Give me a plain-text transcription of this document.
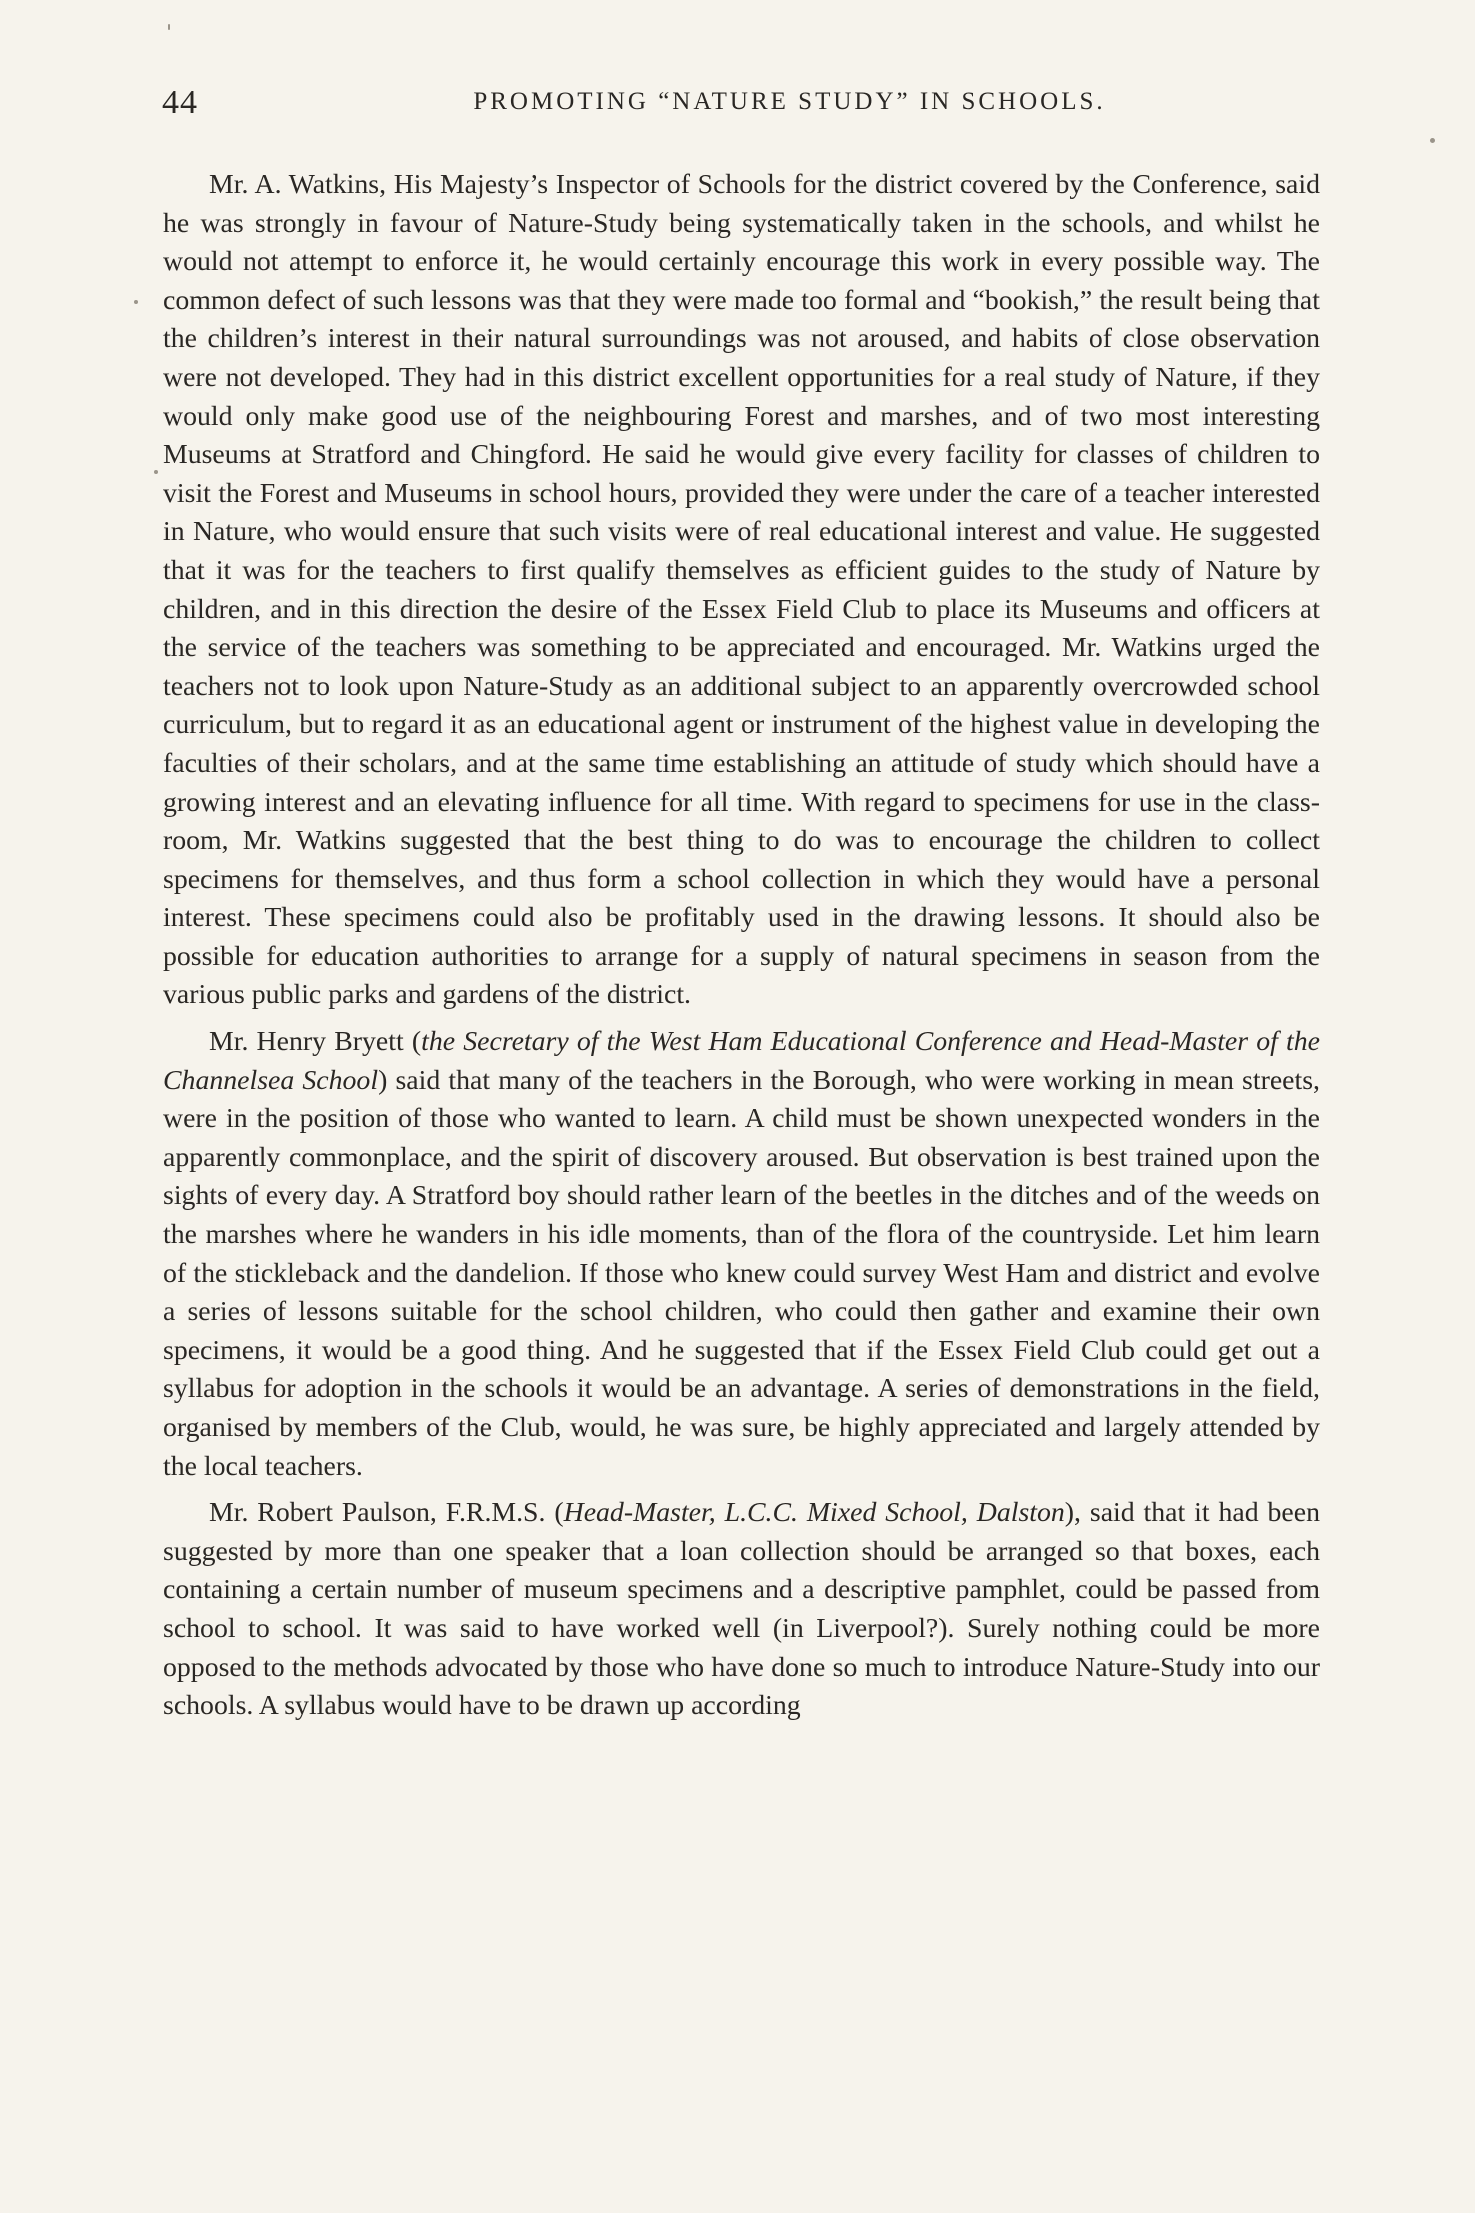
44	PROMOTING “NATURE STUDY” IN SCHOOLS.

Mr. A. Watkins, His Majesty’s Inspector of Schools for the district covered by the Conference, said he was strongly in favour of Nature-Study being systematically taken in the schools, and whilst he would not attempt to enforce it, he would certainly encourage this work in every possible way. The common defect of such lessons was that they were made too formal and “bookish,” the result being that the children’s interest in their natural surroundings was not aroused, and habits of close observation were not developed. They had in this district excellent opportunities for a real study of Nature, if they would only make good use of the neighbouring Forest and marshes, and of two most interesting Museums at Stratford and Chingford. He said he would give every facility for classes of children to visit the Forest and Museums in school hours, provided they were under the care of a teacher interested in Nature, who would ensure that such visits were of real educational interest and value. He suggested that it was for the teachers to first qualify themselves as efficient guides to the study of Nature by children, and in this direction the desire of the Essex Field Club to place its Museums and officers at the service of the teachers was something to be appreciated and encouraged. Mr. Watkins urged the teachers not to look upon Nature-Study as an additional subject to an apparently overcrowded school curriculum, but to regard it as an educational agent or instrument of the highest value in developing the faculties of their scholars, and at the same time establishing an attitude of study which should have a growing interest and an elevating influence for all time. With regard to specimens for use in the class-room, Mr. Watkins suggested that the best thing to do was to encourage the children to collect specimens for themselves, and thus form a school collection in which they would have a personal interest. These specimens could also be profitably used in the drawing lessons. It should also be possible for education authorities to arrange for a supply of natural specimens in season from the various public parks and gardens of the district.

Mr. Henry Bryett (the Secretary of the West Ham Educational Conference and Head-Master of the Channelsea School) said that many of the teachers in the Borough, who were working in mean streets, were in the position of those who wanted to learn. A child must be shown unexpected wonders in the apparently commonplace, and the spirit of discovery aroused. But observation is best trained upon the sights of every day. A Stratford boy should rather learn of the beetles in the ditches and of the weeds on the marshes where he wanders in his idle moments, than of the flora of the countryside. Let him learn of the stickleback and the dandelion. If those who knew could survey West Ham and district and evolve a series of lessons suitable for the school children, who could then gather and examine their own specimens, it would be a good thing. And he suggested that if the Essex Field Club could get out a syllabus for adoption in the schools it would be an advantage. A series of demonstrations in the field, organised by members of the Club, would, he was sure, be highly appreciated and largely attended by the local teachers.

Mr. Robert Paulson, F.R.M.S. (Head-Master, L.C.C. Mixed School, Dalston), said that it had been suggested by more than one speaker that a loan collection should be arranged so that boxes, each containing a certain number of museum specimens and a descriptive pamphlet, could be passed from school to school. It was said to have worked well (in Liverpool?). Surely nothing could be more opposed to the methods advocated by those who have done so much to introduce Nature-Study into our schools. A syllabus would have to be drawn up according
